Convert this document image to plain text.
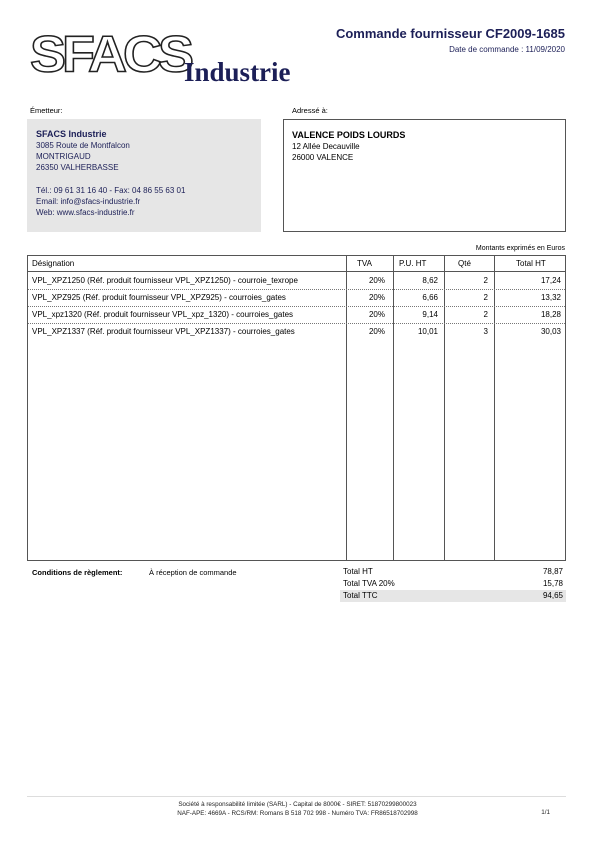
SFACS
Industrie
Commande fournisseur CF2009-1685
Date de commande : 11/09/2020
Émetteur:	Adressé à:
SFACS Industrie
3085 Route de Montfalcon
MONTRIGAUD
26350 VALHERBASSE
Tél.: 09 61 31 16 40 - Fax: 04 86 55 63 01
Email: info@sfacs-industrie.fr
Web: www.sfacs-industrie.fr
VALENCE POIDS LOURDS
12 Allée Decauville
26000 VALENCE
Montants exprimés en Euros
Désignation	TVA	P.U. HT	Qté	Total HT
VPL_XPZ1250 (Réf. produit fournisseur VPL_XPZ1250) - courroie_texrope	20%	8,62	2	17,24
VPL_XPZ925 (Réf. produit fournisseur VPL_XPZ925) - courroies_gates	20%	6,66	2	13,32
VPL_xpz1320 (Réf. produit fournisseur VPL_xpz_1320) - courroies_gates	20%	9,14	2	18,28
VPL_XPZ1337 (Réf. produit fournisseur VPL_XPZ1337) - courroies_gates	20%	10,01	3	30,03
Conditions de règlement:	À réception de commande	Total HT	78,87
Total TVA 20%	15,78
Total TTC	94,65
Société à responsabilité limitée (SARL) - Capital de 8000€ - SIRET: 51870299800023
NAF-APE: 4669A - RCS/RM: Romans B 518 702 998 - Numéro TVA: FR86518702998	1/1
